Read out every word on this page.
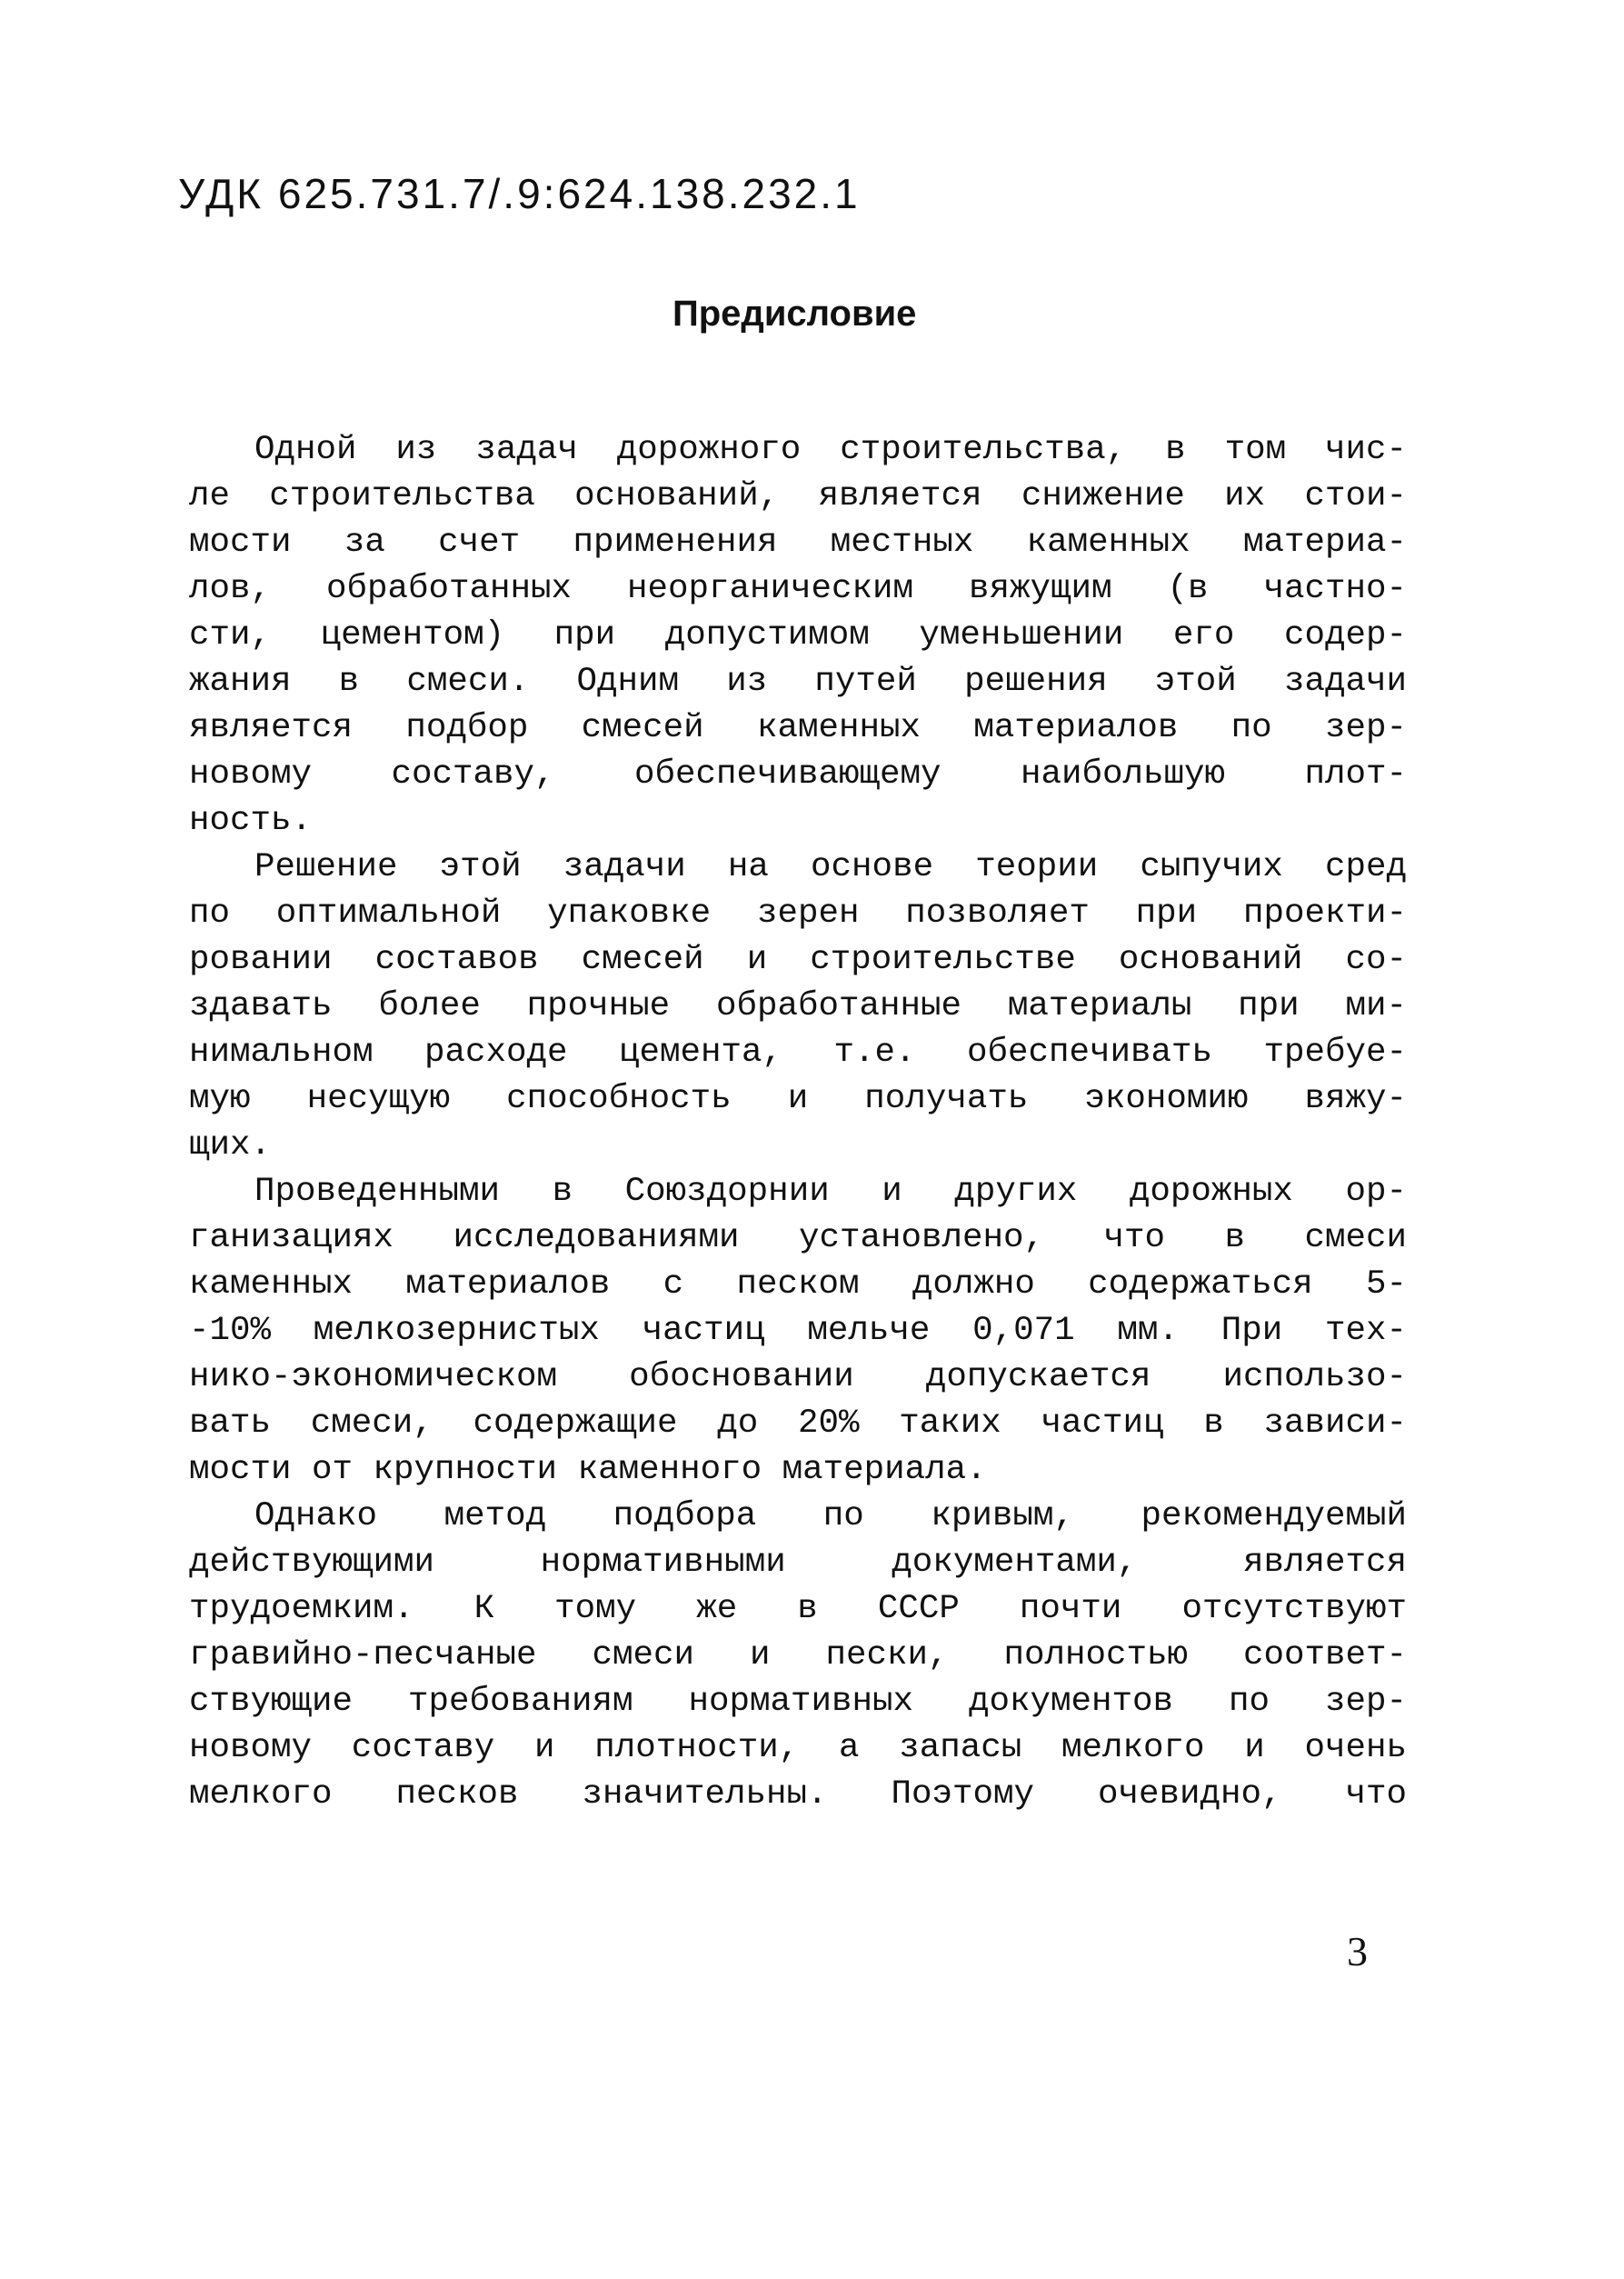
УДК 625.731.7/.9:624.138.232.1
Предисловие
Одной из задач дорожного строительства, в том чис-
ле строительства оснований, является снижение их стои-
мости за счет применения местных каменных материа-
лов, обработанных неорганическим вяжущим (в частно-
сти, цементом) при допустимом уменьшении его содер-
жания в смеси. Одним из путей решения этой задачи
является подбор смесей каменных материалов по зер-
новому составу, обеспечивающему наибольшую плот-
ность.
Решение этой задачи на основе теории сыпучих сред
по оптимальной упаковке зерен позволяет при проекти-
ровании составов смесей и строительстве оснований со-
здавать более прочные обработанные материалы при ми-
нимальном расходе цемента, т.е. обеспечивать требуе-
мую несущую способность и получать экономию вяжу-
щих.
Проведенными в Союздорнии и других дорожных ор-
ганизациях исследованиями установлено, что в смеси
каменных материалов с песком должно содержаться 5-
-10% мелкозернистых частиц мельче 0,071 мм. При тех-
нико-экономическом обосновании допускается использо-
вать смеси, содержащие до 20% таких частиц в зависи-
мости от крупности каменного материала.
Однако метод подбора по кривым, рекомендуемый
действующими нормативными документами, является
трудоемким. К тому же в СССР почти отсутствуют
гравийно-песчаные смеси и пески, полностью соответ-
ствующие требованиям нормативных документов по зер-
новому составу и плотности, а запасы мелкого и очень
мелкого песков значительны. Поэтому очевидно, что
3
